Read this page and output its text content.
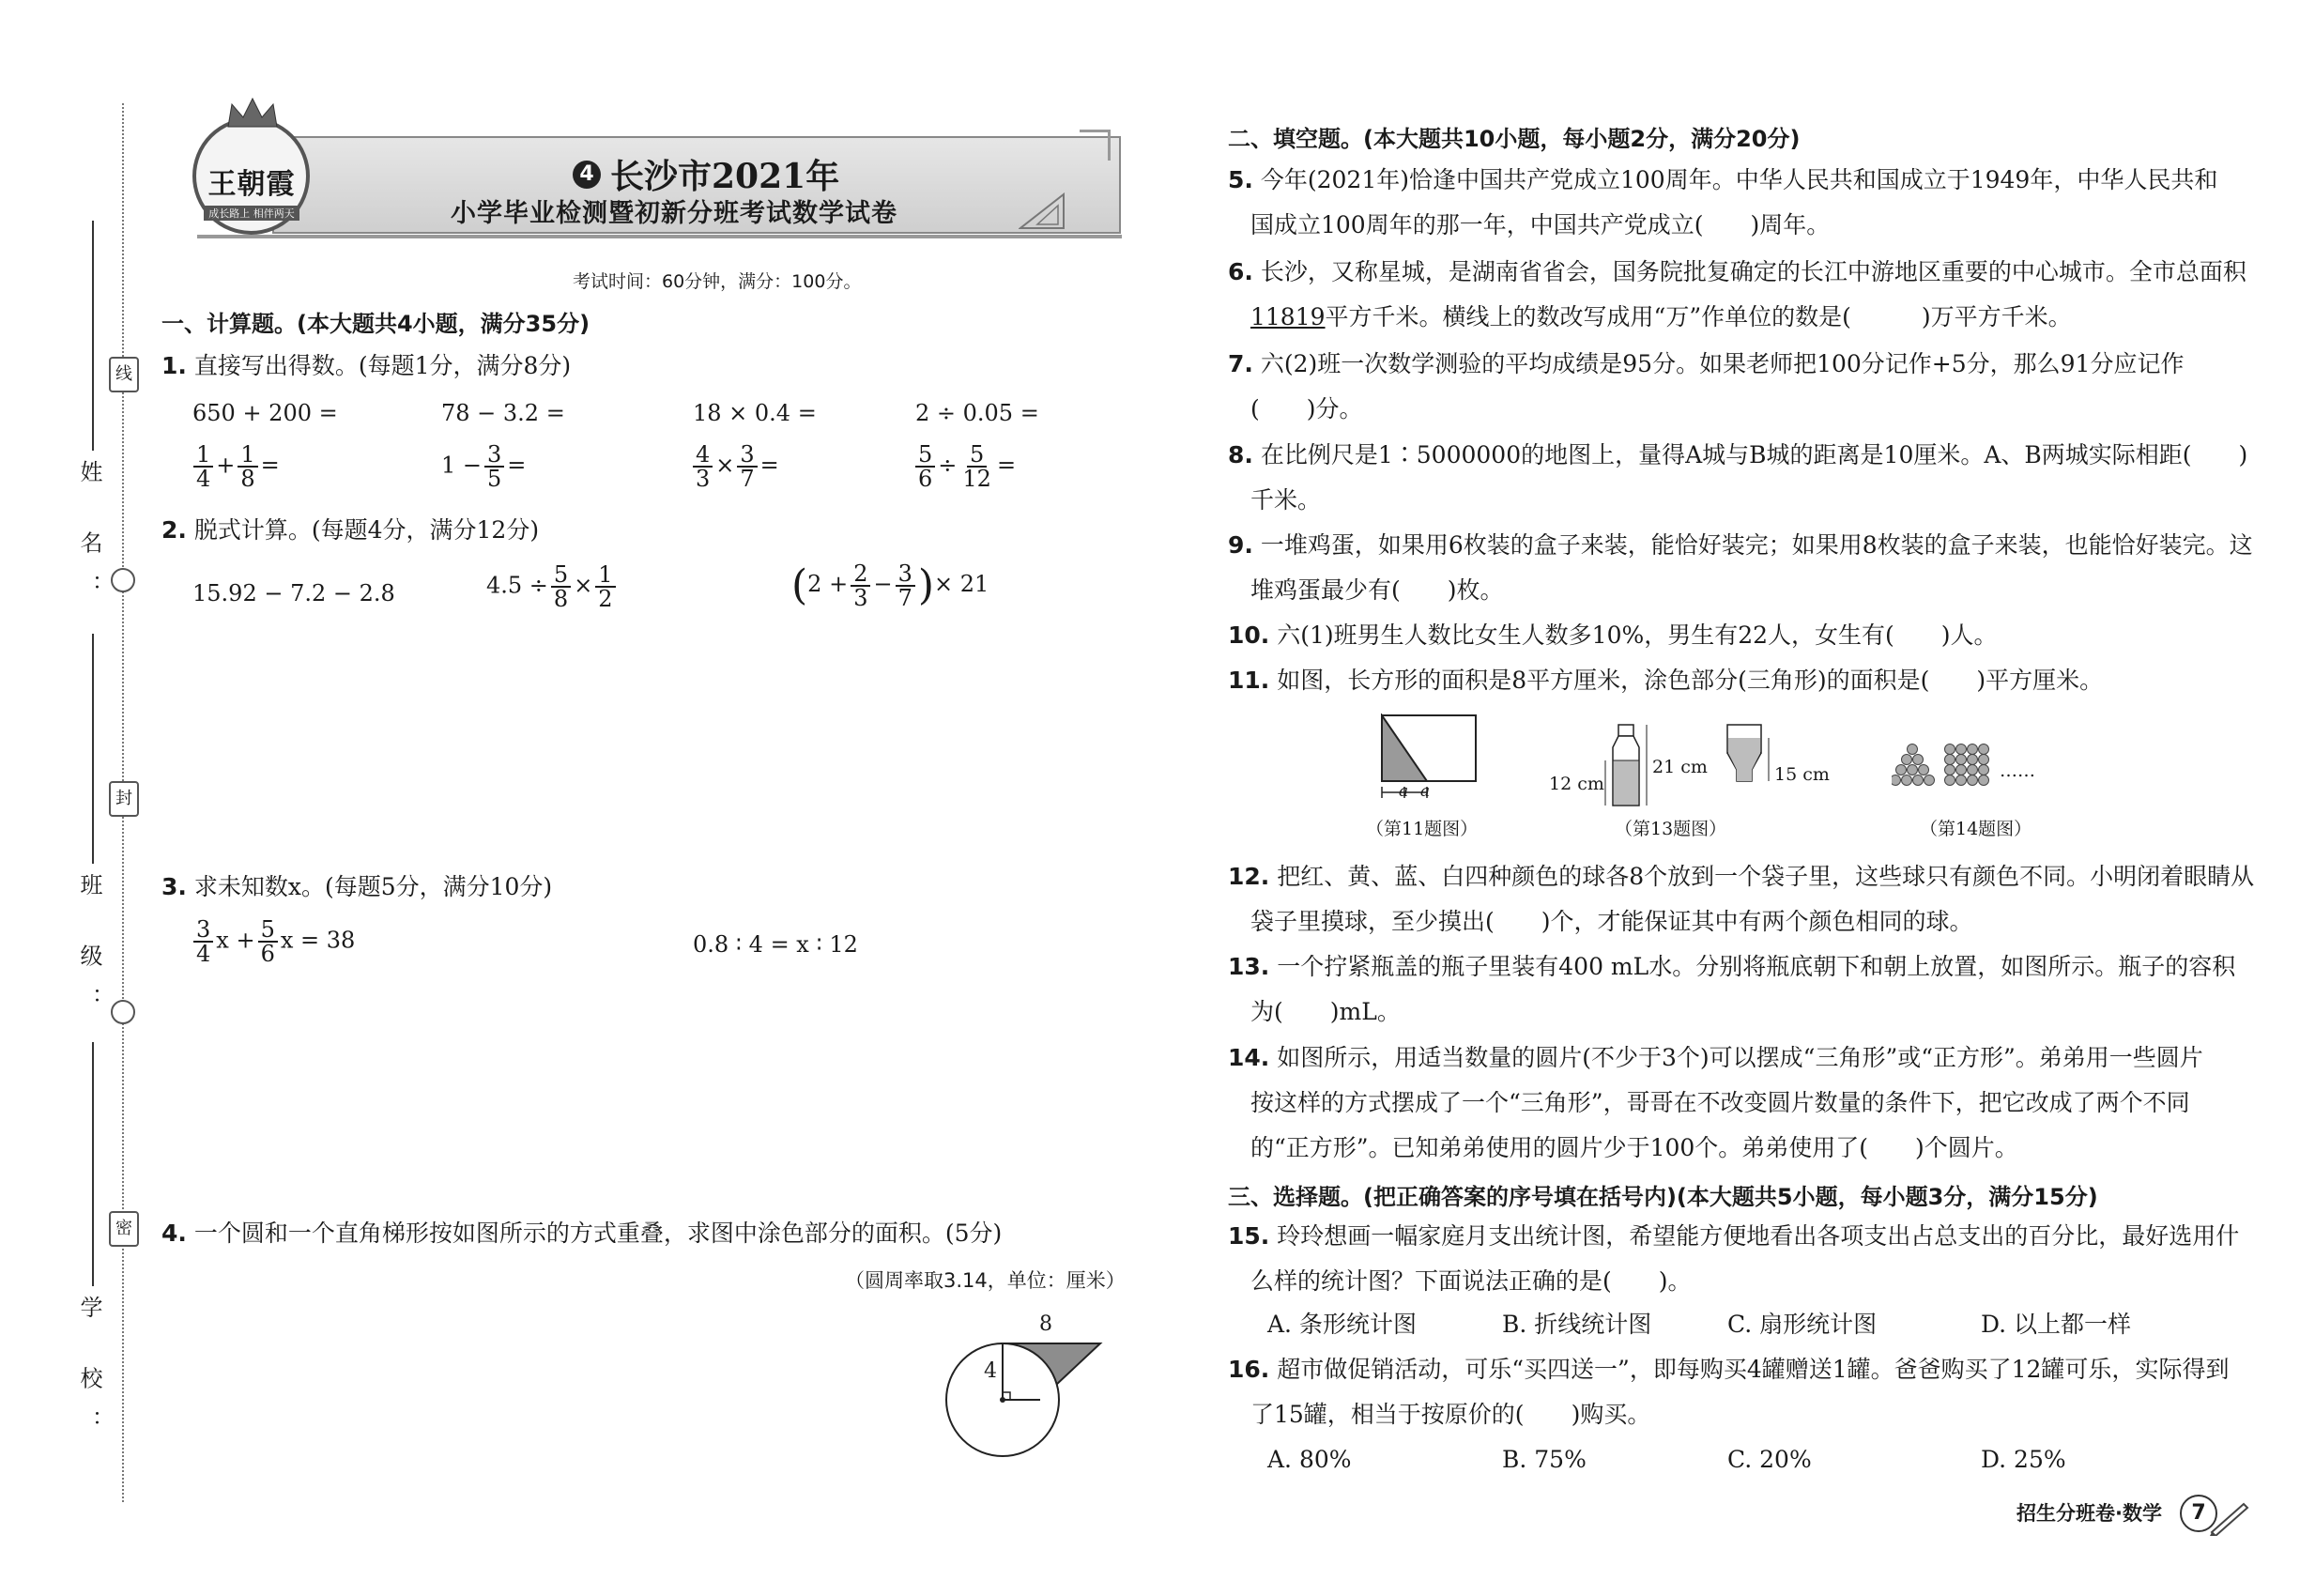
线
封
密
姓 名：
班 级：
学 校：
王朝霞
成长路上 相伴两天
4 长沙市2021年
小学毕业检测暨初新分班考试数学试卷
考试时间：60分钟，满分：100分。
一、计算题。(本大题共4小题，满分35分)
1. 直接写出得数。(每题1分，满分8分)
650 + 200 =	78 − 3.2 =	18 × 0.4 =	2 ÷ 0.05 =
$\frac{1}{4} + \frac{1}{8}$ =	$1 - \frac{3}{5}$ =	$\frac{4}{3} \times \frac{3}{7}$ =	$\frac{5}{6} \div \frac{5}{12}$ =
2. 脱式计算。(每题4分，满分12分)
15.92 − 7.2 − 2.8	$4.5 \div \frac{5}{8} \times \frac{1}{2}$	($2 + \frac{2}{3} - \frac{3}{7}$ )× 21
3. 求未知数x。(每题5分，满分10分)
$\frac{3}{4}$ $x + \frac{5}{6}$ x = 38	0.8 ∶ 4 = x ∶ 12
4. 一个圆和一个直角梯形按如图所示的方式重叠，求图中涂色部分的面积。(5分)
（圆周率取3.14，单位：厘米）
8
4
二、填空题。(本大题共10小题，每小题2分，满分20分)
5. 今年(2021年)恰逢中国共产党成立100周年。中华人民共和国成立于1949年，中华人民共和
国成立100周年的那一年，中国共产党成立(　　)周年。
6. 长沙，又称星城，是湖南省省会，国务院批复确定的长江中游地区重要的中心城市。全市总面积
11819平方千米。横线上的数改写成用“万”作单位的数是(　　　)万平方千米。
7. 六(2)班一次数学测验的平均成绩是95分。如果老师把100分记作+5分，那么91分应记作
(　　)分。
8. 在比例尺是1∶5000000的地图上，量得A城与B城的距离是10厘米。A、B两城实际相距(　　)
千米。
9. 一堆鸡蛋，如果用6枚装的盒子来装，能恰好装完；如果用8枚装的盒子来装，也能恰好装完。这
堆鸡蛋最少有(　　)枚。
10. 六(1)班男生人数比女生人数多10%，男生有22人，女生有(　　)人。
11. 如图，长方形的面积是8平方厘米，涂色部分(三角形)的面积是(　　)平方厘米。
a a
（第11题图）
12 cm
21 cm	15 cm
（第13题图）
……
（第14题图）
12. 把红、黄、蓝、白四种颜色的球各8个放到一个袋子里，这些球只有颜色不同。小明闭着眼睛从
袋子里摸球，至少摸出(　　)个，才能保证其中有两个颜色相同的球。
13. 一个拧紧瓶盖的瓶子里装有400 mL水。分别将瓶底朝下和朝上放置，如图所示。瓶子的容积
为(　　)mL。
14. 如图所示，用适当数量的圆片(不少于3个)可以摆成“三角形”或“正方形”。弟弟用一些圆片
按这样的方式摆成了一个“三角形”，哥哥在不改变圆片数量的条件下，把它改成了两个不同
的“正方形”。已知弟弟使用的圆片少于100个。弟弟使用了(　　)个圆片。
三、选择题。(把正确答案的序号填在括号内)(本大题共5小题，每小题3分，满分15分)
15. 玲玲想画一幅家庭月支出统计图，希望能方便地看出各项支出占总支出的百分比，最好选用什
么样的统计图？下面说法正确的是(　　)。
A. 条形统计图	B. 折线统计图	C. 扇形统计图	D. 以上都一样
16. 超市做促销活动，可乐“买四送一”，即每购买4罐赠送1罐。爸爸购买了12罐可乐，实际得到
了15罐，相当于按原价的(　　)购买。
A. 80%	B. 75%	C. 20%	D. 25%
招生分班卷·数学	7
